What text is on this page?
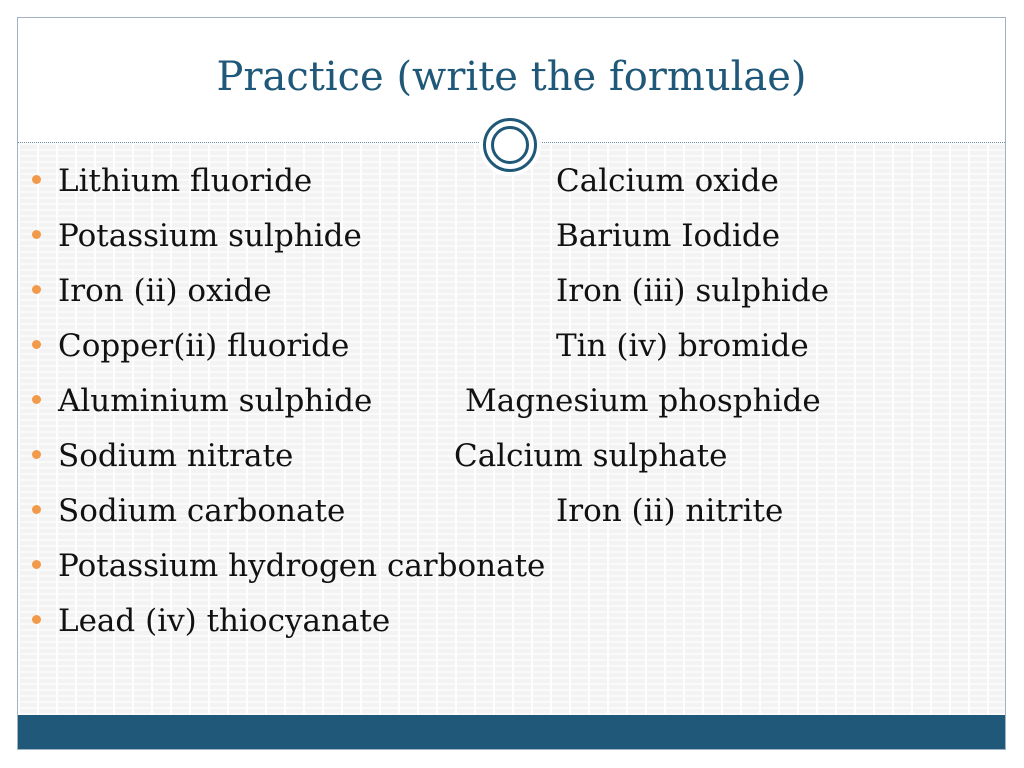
Practice (write the formulae)
Lithium fluoride	Calcium oxide
Potassium sulphide	Barium Iodide
Iron (ii) oxide	Iron (iii) sulphide
Copper(ii) fluoride	Tin (iv) bromide
Aluminium sulphide	Magnesium phosphide
Sodium nitrate	Calcium sulphate
Sodium carbonate	Iron (ii) nitrite
Potassium hydrogen carbonate
Lead (iv) thiocyanate
